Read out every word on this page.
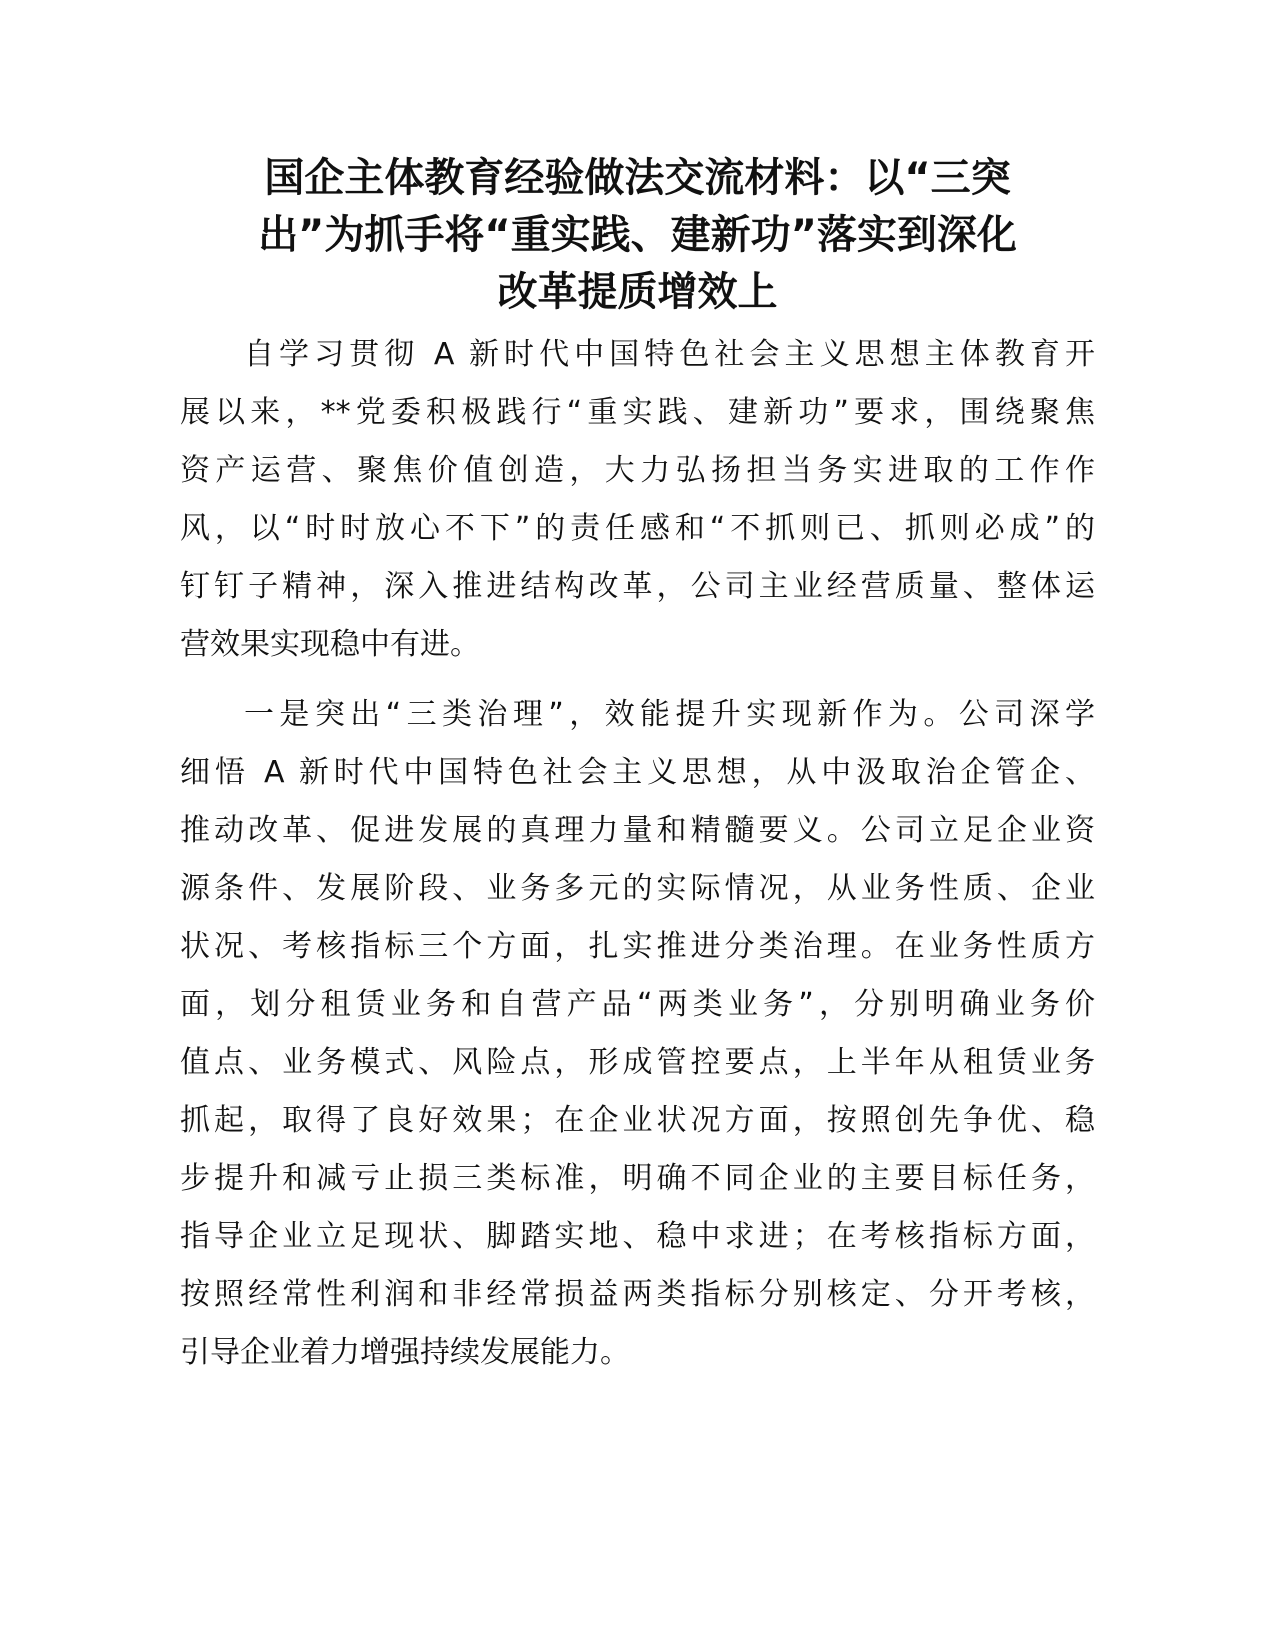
国企主体教育经验做法交流材料：以“三突
出”为抓手将“重实践、建新功”落实到深化
改革提质增效上
自学习贯彻 A 新时代中国特色社会主义思想主体教育开
展以来，**党委积极践行“重实践、建新功”要求，围绕聚焦
资产运营、聚焦价值创造，大力弘扬担当务实进取的工作作
风，以“时时放心不下”的责任感和“不抓则已、抓则必成”的
钉钉子精神，深入推进结构改革，公司主业经营质量、整体运
营效果实现稳中有进。
一是突出“三类治理”，效能提升实现新作为。公司深学
细悟 A 新时代中国特色社会主义思想，从中汲取治企管企、
推动改革、促进发展的真理力量和精髓要义。公司立足企业资
源条件、发展阶段、业务多元的实际情况，从业务性质、企业
状况、考核指标三个方面，扎实推进分类治理。在业务性质方
面，划分租赁业务和自营产品“两类业务”，分别明确业务价
值点、业务模式、风险点，形成管控要点，上半年从租赁业务
抓起，取得了良好效果；在企业状况方面，按照创先争优、稳
步提升和减亏止损三类标准，明确不同企业的主要目标任务，
指导企业立足现状、脚踏实地、稳中求进；在考核指标方面，
按照经常性利润和非经常损益两类指标分别核定、分开考核，
引导企业着力增强持续发展能力。
